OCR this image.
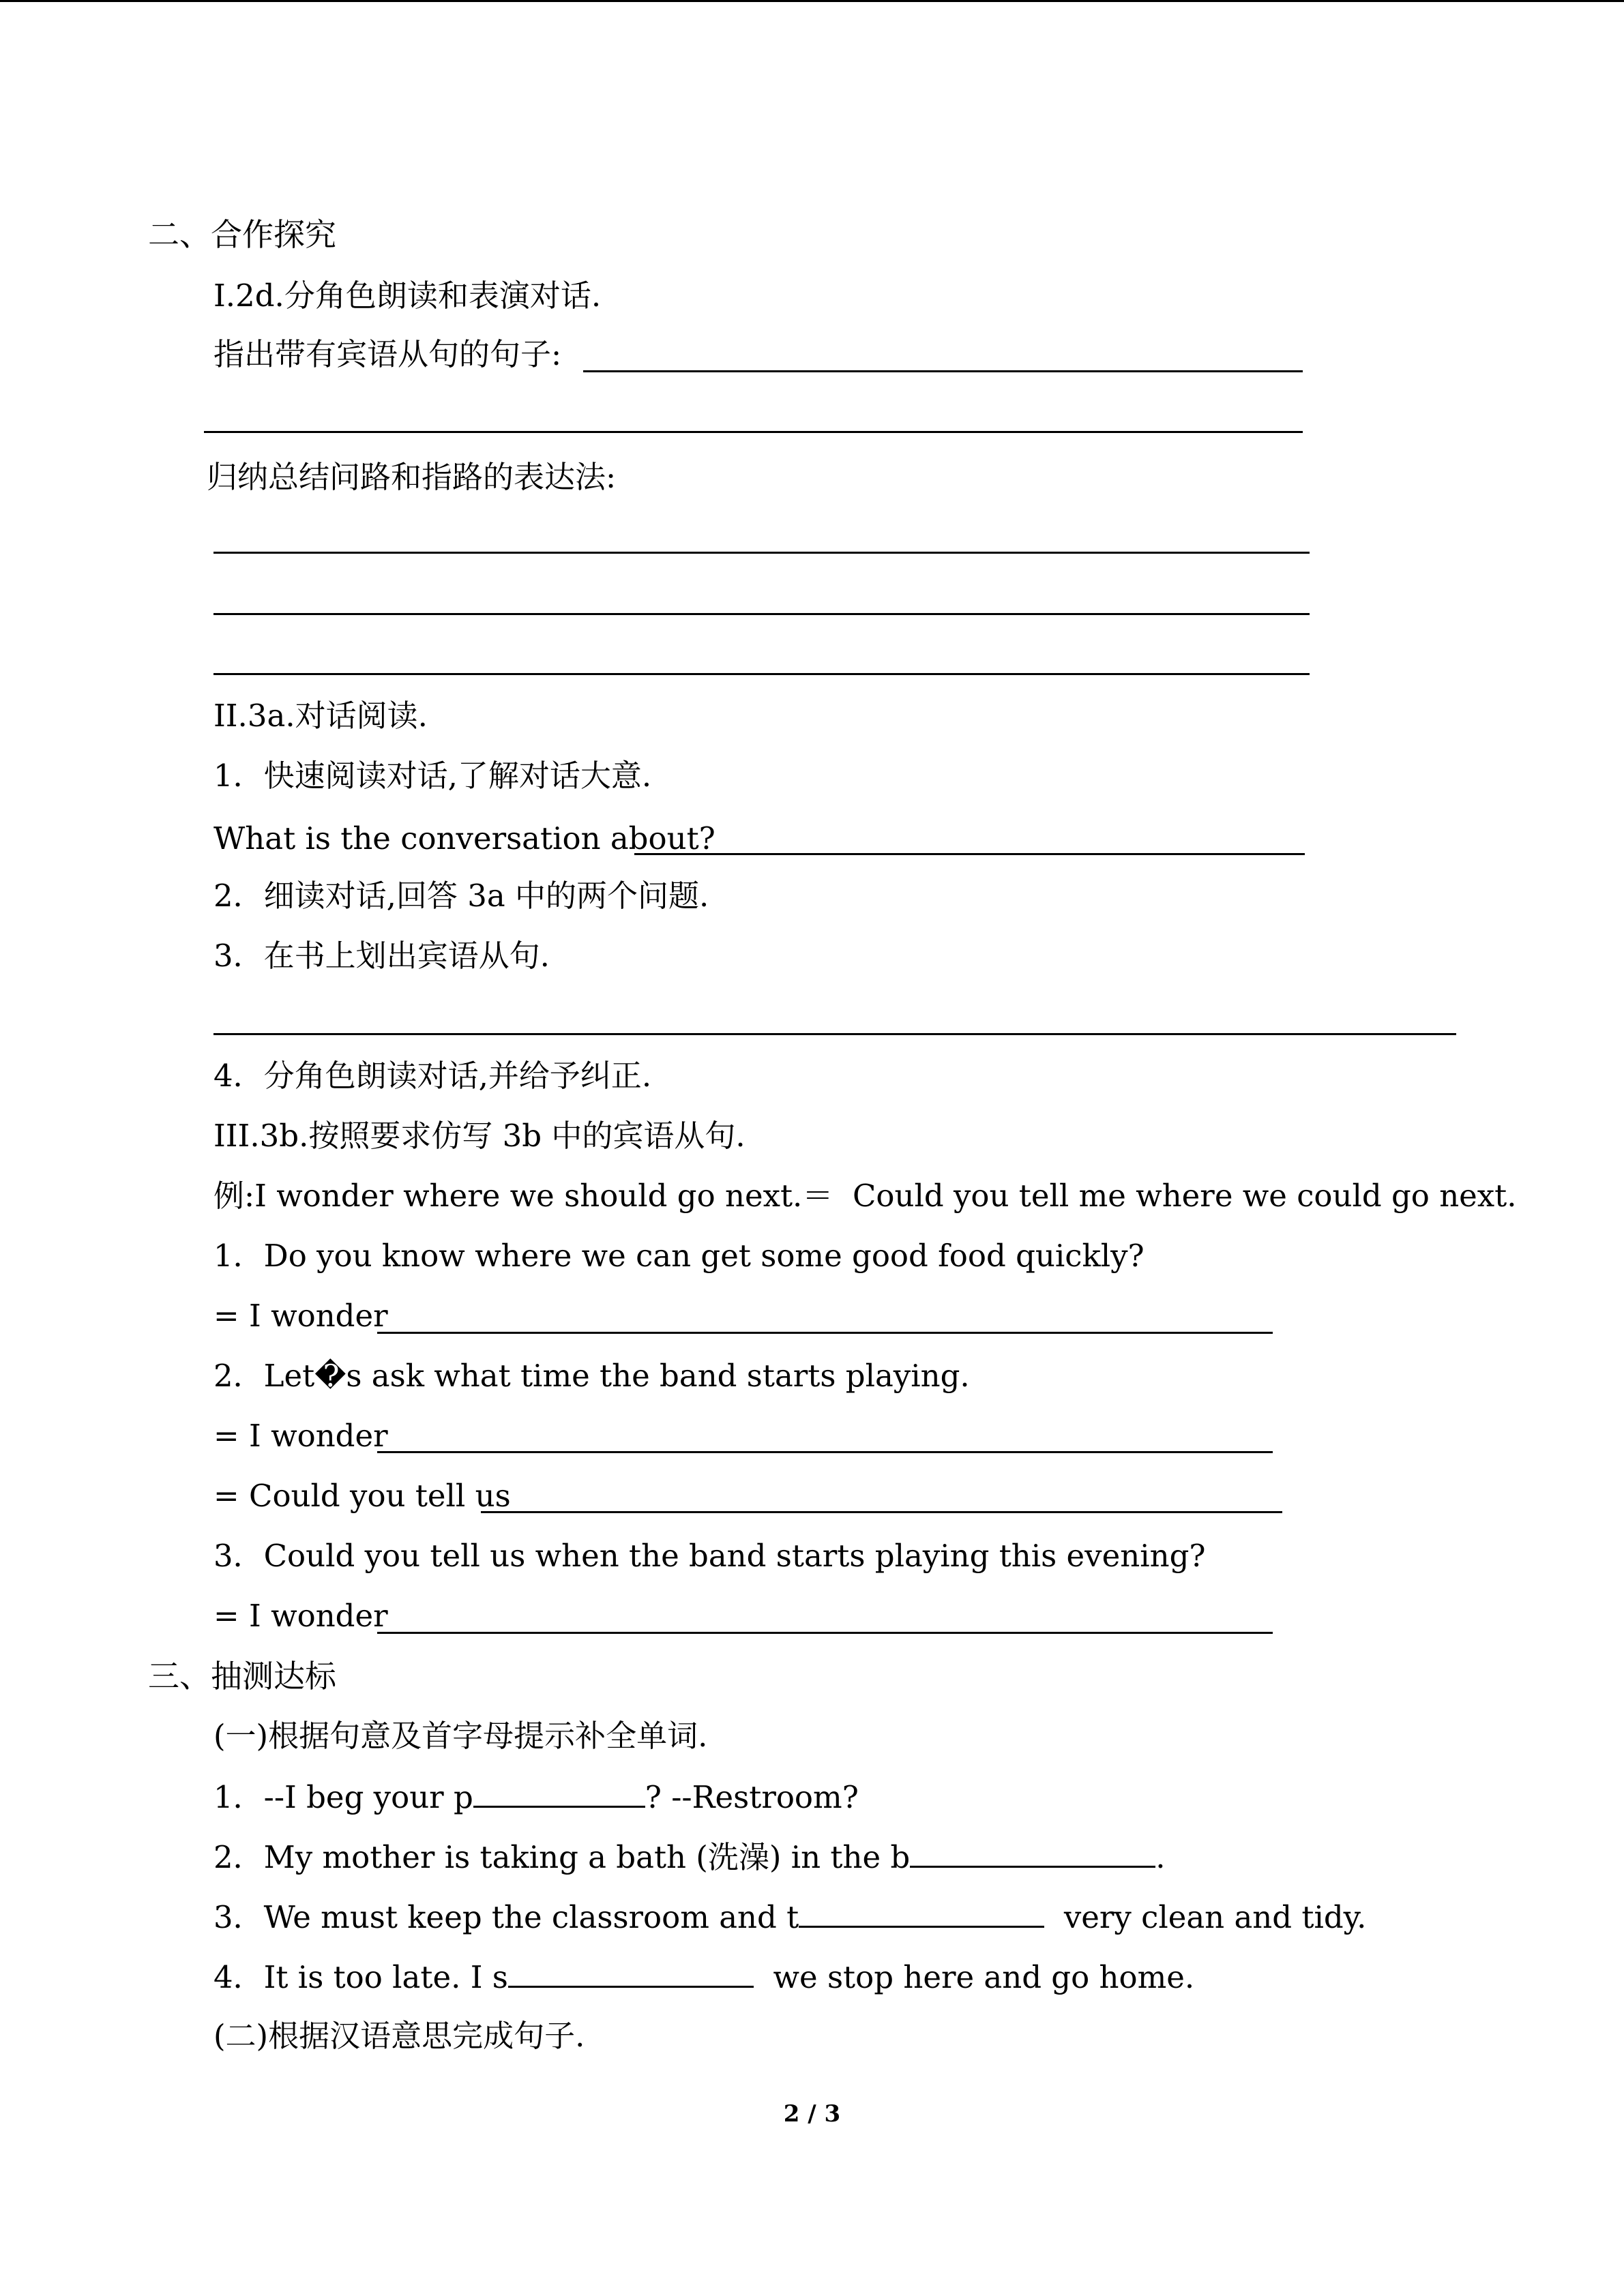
二、合作探究
I.2d.分角色朗读和表演对话.
指出带有宾语从句的句子:
归纳总结问路和指路的表达法:
II.3a.对话阅读.
1．快速阅读对话,了解对话大意.
What is the conversation about?
2．细读对话,回答 3a 中的两个问题.
3．在书上划出宾语从句.
4．分角色朗读对话,并给予纠正.
III.3b.按照要求仿写 3b 中的宾语从句.
例:I wonder where we should go next.＝  Could you tell me where we could go next.
1．Do you know where we can get some good food quickly?
= I wonder
2．Let�s ask what time the band starts playing.
= I wonder
= Could you tell us
3．Could you tell us when the band starts playing this evening?
= I wonder
三、抽测达标
(一)根据句意及首字母提示补全单词.
1．--I beg your p	? --Restroom?
2．My mother is taking a bath (洗澡) in the b	.
3．We must keep the classroom and t	very clean and tidy.
4．It is too late. I s	we stop here and go home.
(二)根据汉语意思完成句子.
2 / 3
